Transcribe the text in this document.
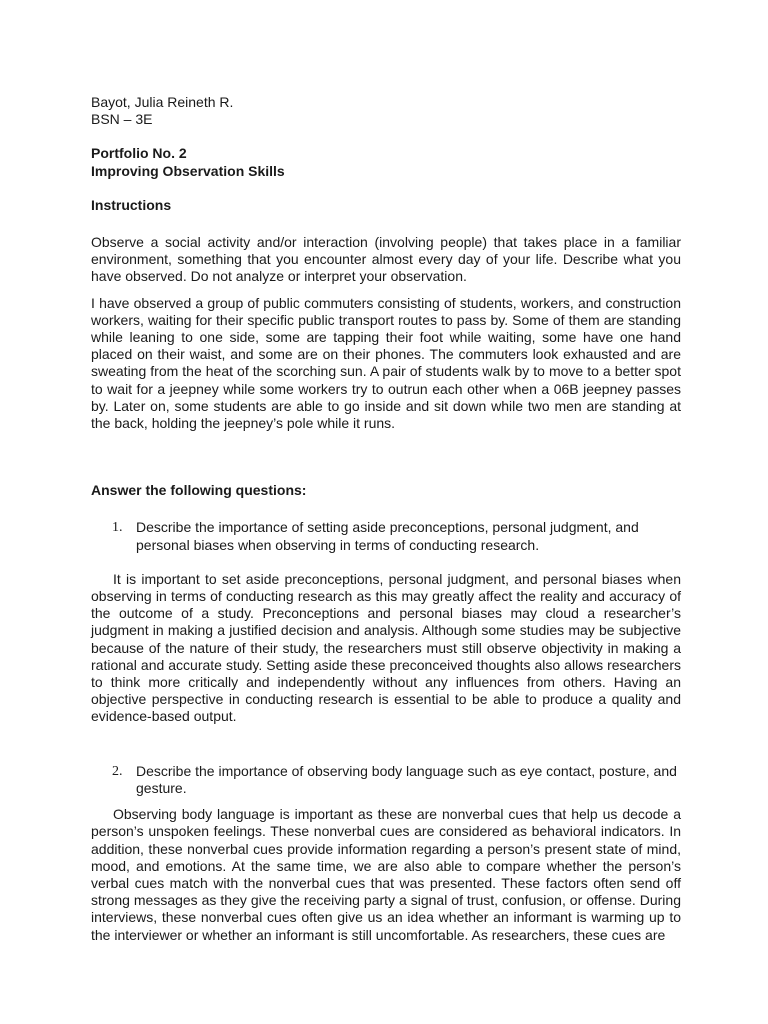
Bayot, Julia Reineth R.
BSN – 3E
Portfolio No. 2
Improving Observation Skills
Instructions

Observe a social activity and/or interaction (involving people) that takes place in a familiar environment, something that you encounter almost every day of your life. Describe what you have observed. Do not analyze or interpret your observation.

I have observed a group of public commuters consisting of students, workers, and construction workers, waiting for their specific public transport routes to pass by. Some of them are standing while leaning to one side, some are tapping their foot while waiting, some have one hand placed on their waist, and some are on their phones. The commuters look exhausted and are sweating from the heat of the scorching sun. A pair of students walk by to move to a better spot to wait for a jeepney while some workers try to outrun each other when a 06B jeepney passes by. Later on, some students are able to go inside and sit down while two men are standing at the back, holding the jeepney’s pole while it runs.

Answer the following questions:
1. Describe the importance of setting aside preconceptions, personal judgment, and personal biases when observing in terms of conducting research.

It is important to set aside preconceptions, personal judgment, and personal biases when observing in terms of conducting research as this may greatly affect the reality and accuracy of the outcome of a study. Preconceptions and personal biases may cloud a researcher’s judgment in making a justified decision and analysis. Although some studies may be subjective because of the nature of their study, the researchers must still observe objectivity in making a rational and accurate study. Setting aside these preconceived thoughts also allows researchers to think more critically and independently without any influences from others. Having an objective perspective in conducting research is essential to be able to produce a quality and evidence-based output.

2. Describe the importance of observing body language such as eye contact, posture, and gesture.

Observing body language is important as these are nonverbal cues that help us decode a person’s unspoken feelings. These nonverbal cues are considered as behavioral indicators. In addition, these nonverbal cues provide information regarding a person’s present state of mind, mood, and emotions. At the same time, we are also able to compare whether the person’s verbal cues match with the nonverbal cues that was presented. These factors often send off strong messages as they give the receiving party a signal of trust, confusion, or offense. During interviews, these nonverbal cues often give us an idea whether an informant is warming up to the interviewer or whether an informant is still uncomfortable. As researchers, these cues are
